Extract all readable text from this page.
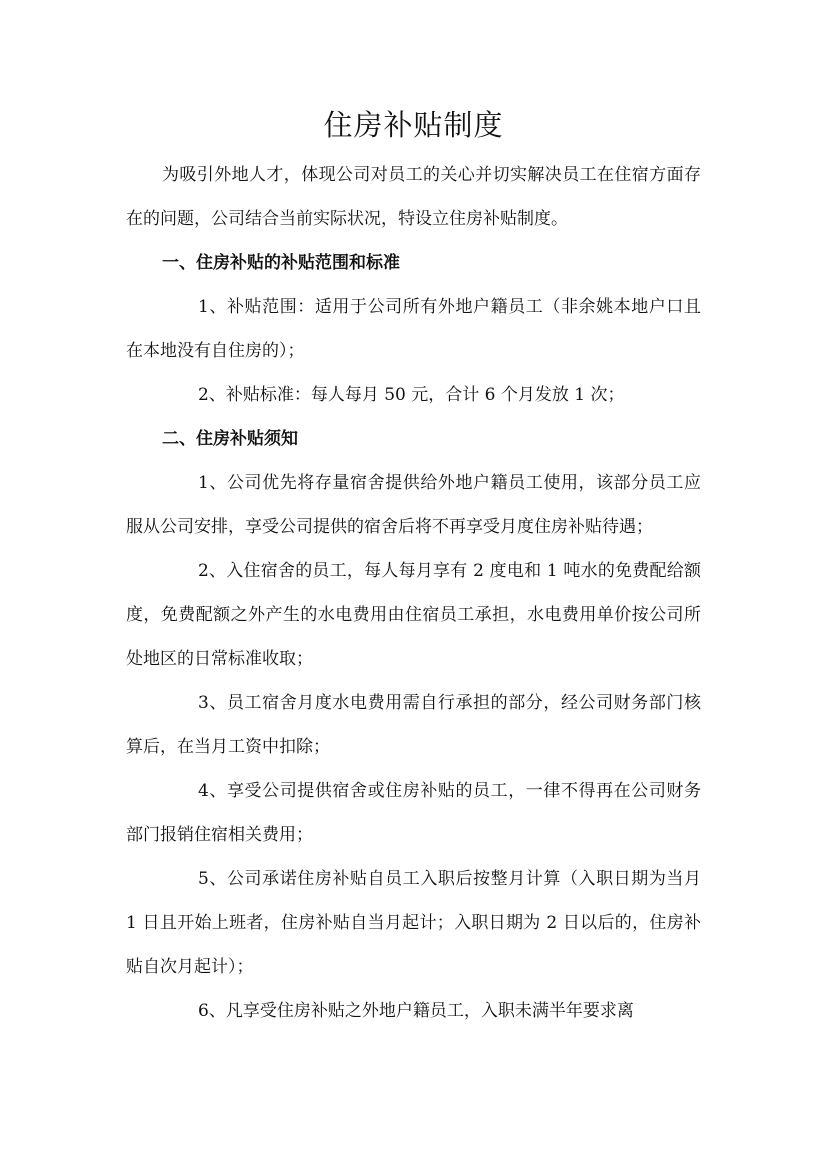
住房补贴制度

为吸引外地人才，体现公司对员工的关心并切实解决员工在住宿方面存在的问题，公司结合当前实际状况，特设立住房补贴制度。

一、住房补贴的补贴范围和标准

1、补贴范围：适用于公司所有外地户籍员工（非余姚本地户口且在本地没有自住房的）；

2、补贴标准：每人每月 50 元，合计 6 个月发放 1 次；

二、住房补贴须知

1、公司优先将存量宿舍提供给外地户籍员工使用，该部分员工应服从公司安排，享受公司提供的宿舍后将不再享受月度住房补贴待遇；

2、入住宿舍的员工，每人每月享有 2 度电和 1 吨水的免费配给额度，免费配额之外产生的水电费用由住宿员工承担，水电费用单价按公司所处地区的日常标准收取；

3、员工宿舍月度水电费用需自行承担的部分，经公司财务部门核算后，在当月工资中扣除；

4、享受公司提供宿舍或住房补贴的员工，一律不得再在公司财务部门报销住宿相关费用；

5、公司承诺住房补贴自员工入职后按整月计算（入职日期为当月 1 日且开始上班者，住房补贴自当月起计；入职日期为 2 日以后的，住房补贴自次月起计）；

6、凡享受住房补贴之外地户籍员工，入职未满半年要求离
